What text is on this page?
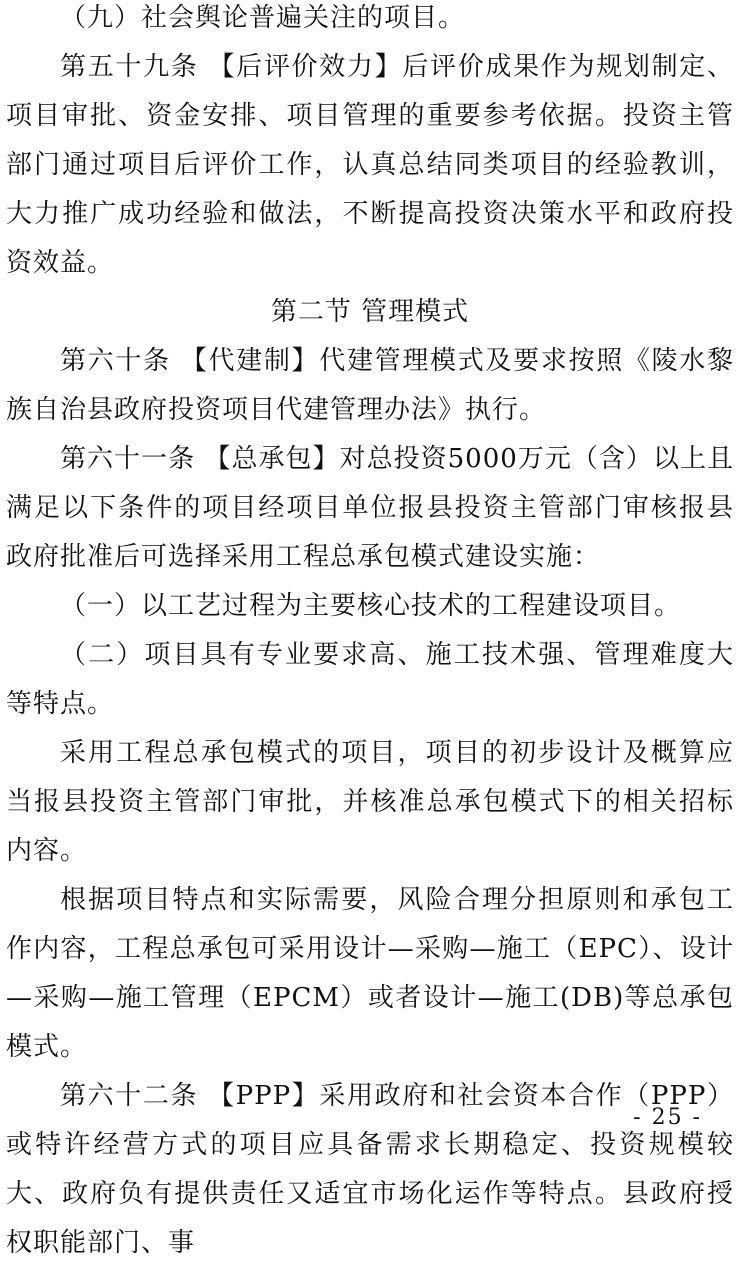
（九）社会舆论普遍关注的项目。

第五十九条 【后评价效力】后评价成果作为规划制定、项目审批、资金安排、项目管理的重要参考依据。投资主管部门通过项目后评价工作，认真总结同类项目的经验教训，大力推广成功经验和做法，不断提高投资决策水平和政府投资效益。

第二节 管理模式

第六十条 【代建制】代建管理模式及要求按照《陵水黎族自治县政府投资项目代建管理办法》执行。

第六十一条 【总承包】对总投资5000万元（含）以上且满足以下条件的项目经项目单位报县投资主管部门审核报县政府批准后可选择采用工程总承包模式建设实施：

（一）以工艺过程为主要核心技术的工程建设项目。

（二）项目具有专业要求高、施工技术强、管理难度大等特点。

采用工程总承包模式的项目，项目的初步设计及概算应当报县投资主管部门审批，并核准总承包模式下的相关招标内容。

根据项目特点和实际需要，风险合理分担原则和承包工作内容，工程总承包可采用设计—采购—施工（EPC）、设计—采购—施工管理（EPCM）或者设计—施工(DB)等总承包模式。

第六十二条 【PPP】采用政府和社会资本合作（PPP）或特许经营方式的项目应具备需求长期稳定、投资规模较大、政府负有提供责任又适宜市场化运作等特点。县政府授权职能部门、事

- 25 -
